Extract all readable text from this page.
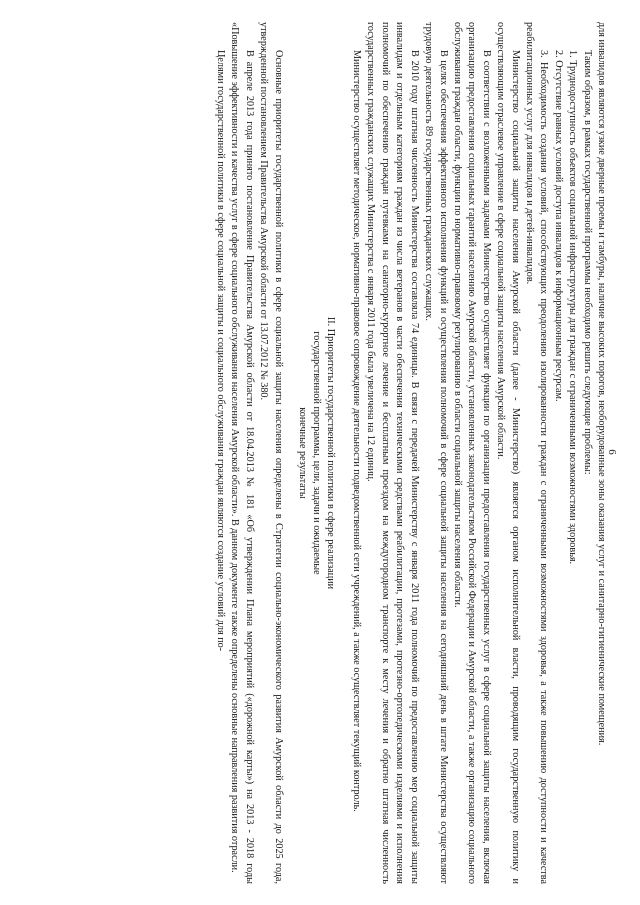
6

для инвалидов являются узкие дверные проемы и тамбуры, наличие высоких порогов, необорудованные зоны оказания услуг и санитарно-гигиенические помещения.

Таким образом, в рамках государственной программы необходимо решить следующие проблемы:

1. Труднодоступность объектов социальной инфраструктуры для граждан с ограниченными возможностями здоровья.

2. Отсутствие равных условий доступа инвалидов к информационным ресурсам.

3. Необходимость создания условий, способствующих преодолению изолированности граждан с ограниченными возможностями здоровья, а также повышению доступности и качества реабилитационных услуг для инвалидов и детей-инвалидов.

Министерство социальной защиты населения Амурской области (далее - Министерство) является органом исполнительной власти, проводящим государственную политику и осуществляющим отраслевое управление в сфере социальной защиты населения Амурской области.

В соответствии с возложенными задачами Министерство осуществляет функции по организации предоставления государственных услуг в сфере социальной защиты населения, включая организацию предоставления социальных гарантий населению Амурской области, установленных законодательством Российской Федерации и Амурской области, а также организацию социального обслуживания граждан области, функции по нормативно-правовому регулированию в области социальной защиты населения области.

В целях обеспечения эффективного исполнения функций и осуществления полномочий в сфере социальной защиты населения на сегодняшний день в штате Министерства осуществляют трудовую деятельность 89 государственных гражданских служащих.

В 2010 году штатная численность Министерства составляла 74 единицы. В связи с передачей Министерству с января 2011 года полномочий по предоставлению мер социальной защиты инвалидам и отдельным категориям граждан из числа ветеранов в части обеспечения техническими средствами реабилитации, протезами, протезно-ортопедическими изделиями и исполнения полномочий по обеспечению граждан путевками на санаторно-курортное лечение и бесплатным проездом на междугородном транспорте к месту лечения и обратно штатная численность государственных гражданских служащих Министерства с января 2011 года была увеличена на 12 единиц.

Министерство осуществляет методическое, нормативно-правовое сопровождение деятельности подведомственной сети учреждений, а также осуществляет текущий контроль.

II. Приоритеты государственной политики в сфере реализации
государственной программы, цели, задачи и ожидаемые
конечные результаты

Основные приоритеты государственной политики в сфере социальной защиты населения определены в Стратегии социально-экономического развития Амурской области до 2025 года, утвержденной постановлением Правительства Амурской области от 13.07.2012 № 380.

В апреле 2013 года принято постановление Правительства Амурской области от 18.04.2013 № 181 «Об утверждении Плана мероприятий («дорожной карты») на 2013 - 2018 годы «Повышение эффективности и качества услуг в сфере социального обслуживания населения Амурской области». В данном документе также определены основные направления развития отрасли.

Целями государственной политики в сфере социальной защиты и социального обслуживания граждан являются создание условий для по-
